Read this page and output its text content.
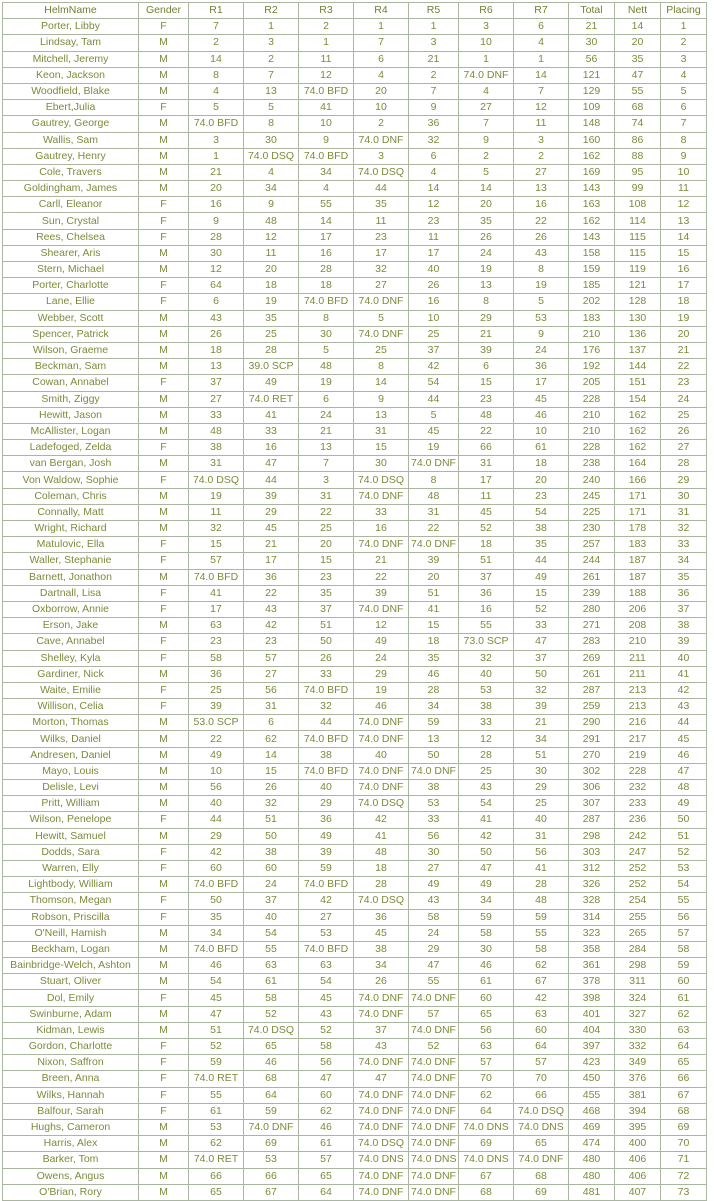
HelmName	Gender	R1	R2	R3	R4	R5	R6	R7	Total	Nett	Placing
Porter, Libby	F	7	1	2	1	1	3	6	21	14	1
Lindsay, Tam	M	2	3	1	7	3	10	4	30	20	2
Mitchell, Jeremy	M	14	2	11	6	21	1	1	56	35	3
Keon, Jackson	M	8	7	12	4	2	74.0 DNF	14	121	47	4
Woodfield, Blake	M	4	13	74.0 BFD	20	7	4	7	129	55	5
Ebert,Julia	F	5	5	41	10	9	27	12	109	68	6
Gautrey, George	M	74.0 BFD	8	10	2	36	7	11	148	74	7
Wallis, Sam	M	3	30	9	74.0 DNF	32	9	3	160	86	8
Gautrey, Henry	M	1	74.0 DSQ	74.0 BFD	3	6	2	2	162	88	9
Cole, Travers	M	21	4	34	74.0 DSQ	4	5	27	169	95	10
Goldingham, James	M	20	34	4	44	14	14	13	143	99	11
Carll, Eleanor	F	16	9	55	35	12	20	16	163	108	12
Sun, Crystal	F	9	48	14	11	23	35	22	162	114	13
Rees, Chelsea	F	28	12	17	23	11	26	26	143	115	14
Shearer, Aris	M	30	11	16	17	17	24	43	158	115	15
Stern, Michael	M	12	20	28	32	40	19	8	159	119	16
Porter, Charlotte	F	64	18	18	27	26	13	19	185	121	17
Lane, Ellie	F	6	19	74.0 BFD	74.0 DNF	16	8	5	202	128	18
Webber, Scott	M	43	35	8	5	10	29	53	183	130	19
Spencer, Patrick	M	26	25	30	74.0 DNF	25	21	9	210	136	20
Wilson, Graeme	M	18	28	5	25	37	39	24	176	137	21
Beckman, Sam	M	13	39.0 SCP	48	8	42	6	36	192	144	22
Cowan, Annabel	F	37	49	19	14	54	15	17	205	151	23
Smith, Ziggy	M	27	74.0 RET	6	9	44	23	45	228	154	24
Hewitt, Jason	M	33	41	24	13	5	48	46	210	162	25
McAllister, Logan	M	48	33	21	31	45	22	10	210	162	26
Ladefoged, Zelda	F	38	16	13	15	19	66	61	228	162	27
van Bergan, Josh	M	31	47	7	30	74.0 DNF	31	18	238	164	28
Von Waldow, Sophie	F	74.0 DSQ	44	3	74.0 DSQ	8	17	20	240	166	29
Coleman, Chris	M	19	39	31	74.0 DNF	48	11	23	245	171	30
Connally, Matt	M	11	29	22	33	31	45	54	225	171	31
Wright, Richard	M	32	45	25	16	22	52	38	230	178	32
Matulovic, Ella	F	15	21	20	74.0 DNF	74.0 DNF	18	35	257	183	33
Waller, Stephanie	F	57	17	15	21	39	51	44	244	187	34
Barnett, Jonathon	M	74.0 BFD	36	23	22	20	37	49	261	187	35
Dartnall, Lisa	F	41	22	35	39	51	36	15	239	188	36
Oxborrow, Annie	F	17	43	37	74.0 DNF	41	16	52	280	206	37
Erson, Jake	M	63	42	51	12	15	55	33	271	208	38
Cave, Annabel	F	23	23	50	49	18	73.0 SCP	47	283	210	39
Shelley, Kyla	F	58	57	26	24	35	32	37	269	211	40
Gardiner, Nick	M	36	27	33	29	46	40	50	261	211	41
Waite, Emilie	F	25	56	74.0 BFD	19	28	53	32	287	213	42
Willison, Celia	F	39	31	32	46	34	38	39	259	213	43
Morton, Thomas	M	53.0 SCP	6	44	74.0 DNF	59	33	21	290	216	44
Wilks, Daniel	M	22	62	74.0 BFD	74.0 DNF	13	12	34	291	217	45
Andresen, Daniel	M	49	14	38	40	50	28	51	270	219	46
Mayo, Louis	M	10	15	74.0 BFD	74.0 DNF	74.0 DNF	25	30	302	228	47
Delisle, Levi	M	56	26	40	74.0 DNF	38	43	29	306	232	48
Pritt, William	M	40	32	29	74.0 DSQ	53	54	25	307	233	49
Wilson, Penelope	F	44	51	36	42	33	41	40	287	236	50
Hewitt, Samuel	M	29	50	49	41	56	42	31	298	242	51
Dodds, Sara	F	42	38	39	48	30	50	56	303	247	52
Warren, Elly	F	60	60	59	18	27	47	41	312	252	53
Lightbody, William	M	74.0 BFD	24	74.0 BFD	28	49	49	28	326	252	54
Thomson, Megan	F	50	37	42	74.0 DSQ	43	34	48	328	254	55
Robson, Priscilla	F	35	40	27	36	58	59	59	314	255	56
O'Neill, Hamish	M	34	54	53	45	24	58	55	323	265	57
Beckham, Logan	M	74.0 BFD	55	74.0 BFD	38	29	30	58	358	284	58
Bainbridge-Welch, Ashton	M	46	63	63	34	47	46	62	361	298	59
Stuart, Oliver	M	54	61	54	26	55	61	67	378	311	60
Dol, Emily	F	45	58	45	74.0 DNF	74.0 DNF	60	42	398	324	61
Swinburne, Adam	M	47	52	43	74.0 DNF	57	65	63	401	327	62
Kidman, Lewis	M	51	74.0 DSQ	52	37	74.0 DNF	56	60	404	330	63
Gordon, Charlotte	F	52	65	58	43	52	63	64	397	332	64
Nixon, Saffron	F	59	46	56	74.0 DNF	74.0 DNF	57	57	423	349	65
Breen, Anna	F	74.0 RET	68	47	47	74.0 DNF	70	70	450	376	66
Wilks, Hannah	F	55	64	60	74.0 DNF	74.0 DNF	62	66	455	381	67
Balfour, Sarah	F	61	59	62	74.0 DNF	74.0 DNF	64	74.0 DSQ	468	394	68
Hughs, Cameron	M	53	74.0 DNF	46	74.0 DNF	74.0 DNF	74.0 DNS	74.0 DNS	469	395	69
Harris, Alex	M	62	69	61	74.0 DSQ	74.0 DNF	69	65	474	400	70
Barker, Tom	M	74.0 RET	53	57	74.0 DNS	74.0 DNS	74.0 DNS	74.0 DNF	480	406	71
Owens, Angus	M	66	66	65	74.0 DNF	74.0 DNF	67	68	480	406	72
O'Brian, Rory	M	65	67	64	74.0 DNF	74.0 DNF	68	69	481	407	73
